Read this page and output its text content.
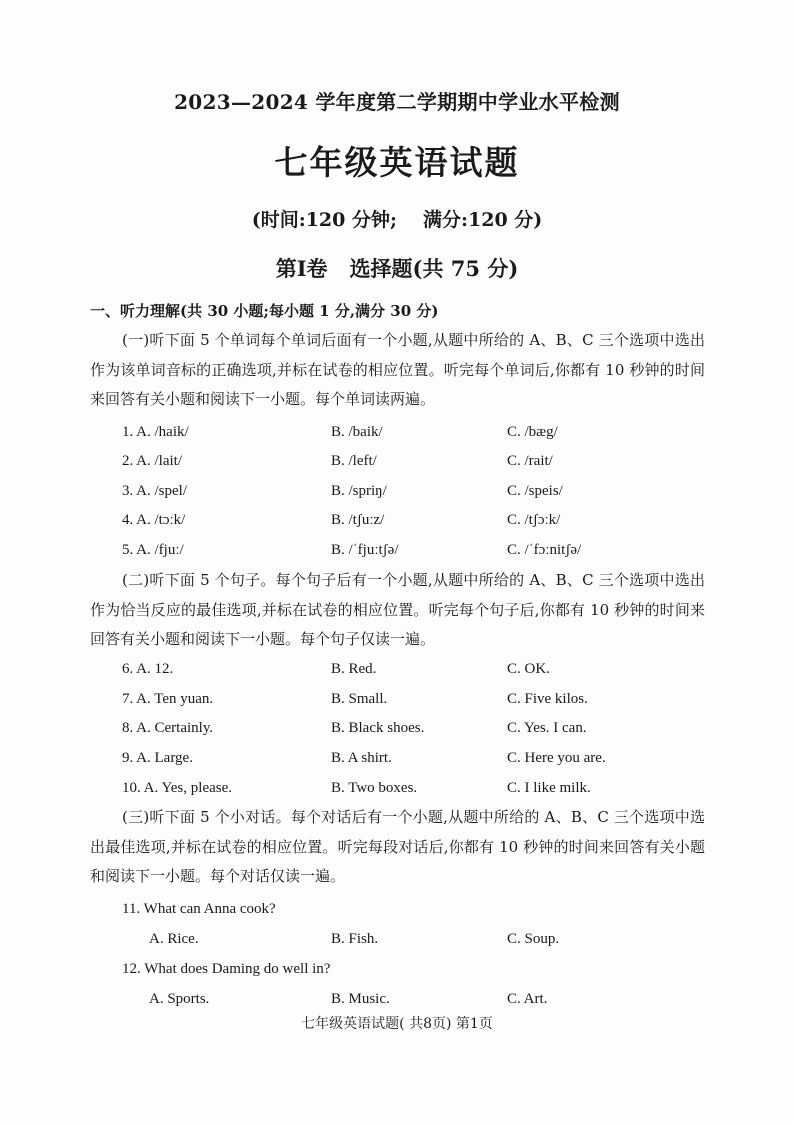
2023—2024 学年度第二学期期中学业水平检测
七年级英语试题
(时间:120 分钟; 满分:120 分)
第Ⅰ卷 选择题(共 75 分)
一、听力理解(共 30 小题;每小题 1 分,满分 30 分)
(一)听下面 5 个单词每个单词后面有一个小题,从题中所给的 A、B、C 三个选项中选出作为该单词音标的正确选项,并标在试卷的相应位置。听完每个单词后,你都有 10 秒钟的时间来回答有关小题和阅读下一小题。每个单词读两遍。
1. A. /haik/	B. /baik/	C. /bæg/
2. A. /lait/	B. /left/	C. /rait/
3. A. /spel/	B. /spriŋ/	C. /speis/
4. A. /tɔːk/	B. /tʃuːz/	C. /tʃɔːk/
5. A. /fjuː/	B. /ˈfjuːtʃə/	C. /ˈfɔːnitʃə/
(二)听下面 5 个句子。每个句子后有一个小题,从题中所给的 A、B、C 三个选项中选出作为恰当反应的最佳选项,并标在试卷的相应位置。听完每个句子后,你都有 10 秒钟的时间来回答有关小题和阅读下一小题。每个句子仅读一遍。
6. A. 12.	B. Red.	C. OK.
7. A. Ten yuan.	B. Small.	C. Five kilos.
8. A. Certainly.	B. Black shoes.	C. Yes. I can.
9. A. Large.	B. A shirt.	C. Here you are.
10. A. Yes, please.	B. Two boxes.	C. I like milk.
(三)听下面 5 个小对话。每个对话后有一个小题,从题中所给的 A、B、C 三个选项中选出最佳选项,并标在试卷的相应位置。听完每段对话后,你都有 10 秒钟的时间来回答有关小题和阅读下一小题。每个对话仅读一遍。
11. What can Anna cook?
A. Rice.	B. Fish.	C. Soup.
12. What does Daming do well in?
A. Sports.	B. Music.	C. Art.
七年级英语试题( 共8页) 第1页
